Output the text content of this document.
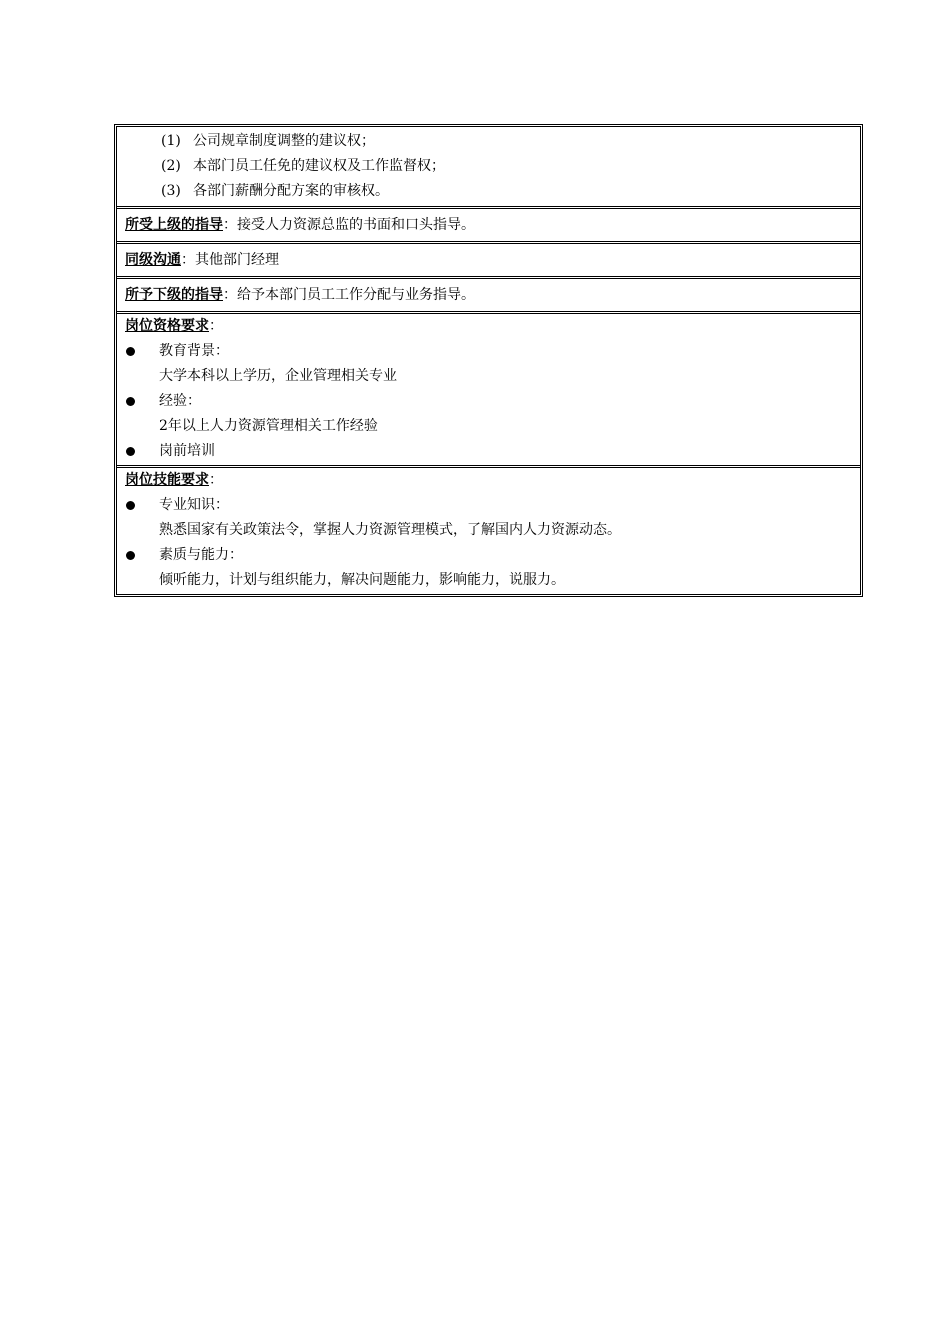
(1) 公司规章制度调整的建议权；
(2) 本部门员工任免的建议权及工作监督权；
(3) 各部门薪酬分配方案的审核权。
所受上级的指导：接受人力资源总监的书面和口头指导。
同级沟通：其他部门经理
所予下级的指导：给予本部门员工工作分配与业务指导。
岗位资格要求：
教育背景：
大学本科以上学历，企业管理相关专业
经验：
2年以上人力资源管理相关工作经验
岗前培训
岗位技能要求：
专业知识：
熟悉国家有关政策法令，掌握人力资源管理模式，了解国内人力资源动态。
素质与能力：
倾听能力，计划与组织能力，解决问题能力，影响能力，说服力。
